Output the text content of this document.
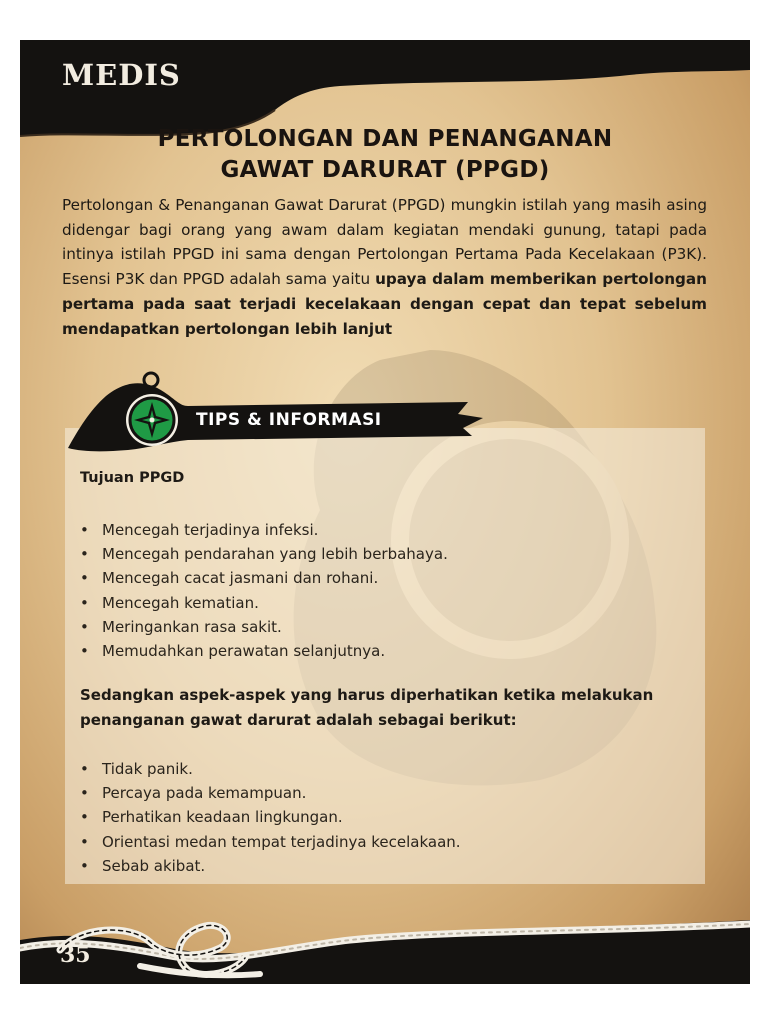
MEDIS
PERTOLONGAN DAN PENANGANAN
GAWAT DARURAT (PPGD)
Pertolongan & Penanganan Gawat Darurat (PPGD) mungkin istilah yang masih asing didengar bagi orang yang awam dalam kegiatan mendaki gunung, tatapi pada intinya istilah PPGD ini sama dengan Pertolongan Pertama Pada Kecelakaan (P3K). Esensi P3K dan PPGD adalah sama yaitu upaya dalam memberikan pertolongan pertama pada saat terjadi kecelakaan dengan cepat dan tepat sebelum mendapatkan pertolongan lebih lanjut
TIPS & INFORMASI
Tujuan PPGD
• Mencegah terjadinya infeksi.
• Mencegah pendarahan yang lebih berbahaya.
• Mencegah cacat jasmani dan rohani.
• Mencegah kematian.
• Meringankan rasa sakit.
• Memudahkan perawatan selanjutnya.
Sedangkan aspek-aspek yang harus diperhatikan ketika melakukan penanganan gawat darurat adalah sebagai berikut:
• Tidak panik.
• Percaya pada kemampuan.
• Perhatikan keadaan lingkungan.
• Orientasi medan tempat terjadinya kecelakaan.
• Sebab akibat.
35
